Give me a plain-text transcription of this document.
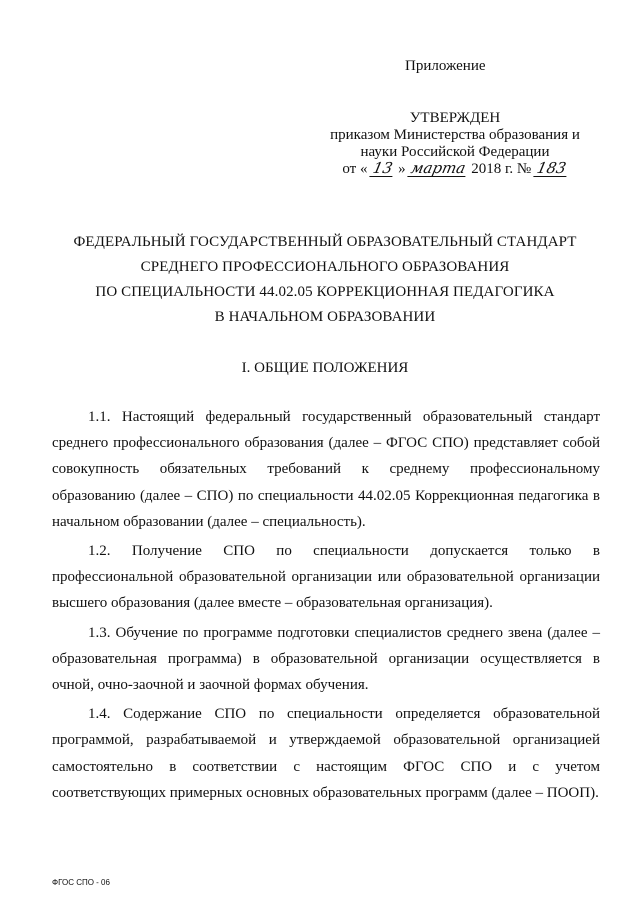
Приложение
УТВЕРЖДЕН
приказом Министерства образования и
науки Российской Федерации
от « 13 » марта 2018 г. № 183
ФЕДЕРАЛЬНЫЙ ГОСУДАРСТВЕННЫЙ ОБРАЗОВАТЕЛЬНЫЙ СТАНДАРТ
СРЕДНЕГО ПРОФЕССИОНАЛЬНОГО ОБРАЗОВАНИЯ
ПО СПЕЦИАЛЬНОСТИ 44.02.05 КОРРЕКЦИОННАЯ ПЕДАГОГИКА
В НАЧАЛЬНОМ ОБРАЗОВАНИИ
I. ОБЩИЕ ПОЛОЖЕНИЯ

1.1. Настоящий федеральный государственный образовательный стандарт среднего профессионального образования (далее – ФГОС СПО) представляет собой совокупность обязательных требований к среднему профессиональному образованию (далее – СПО) по специальности 44.02.05 Коррекционная педагогика в начальном образовании (далее – специальность).

1.2. Получение СПО по специальности допускается только в профессиональной образовательной организации или образовательной организации высшего образования (далее вместе – образовательная организация).

1.3. Обучение по программе подготовки специалистов среднего звена (далее – образовательная программа) в образовательной организации осуществляется в очной, очно-заочной и заочной формах обучения.

1.4. Содержание СПО по специальности определяется образовательной программой, разрабатываемой и утверждаемой образовательной организацией самостоятельно в соответствии с настоящим ФГОС СПО и с учетом соответствующих примерных основных образовательных программ (далее – ПООП).

ФГОС СПО - 06
